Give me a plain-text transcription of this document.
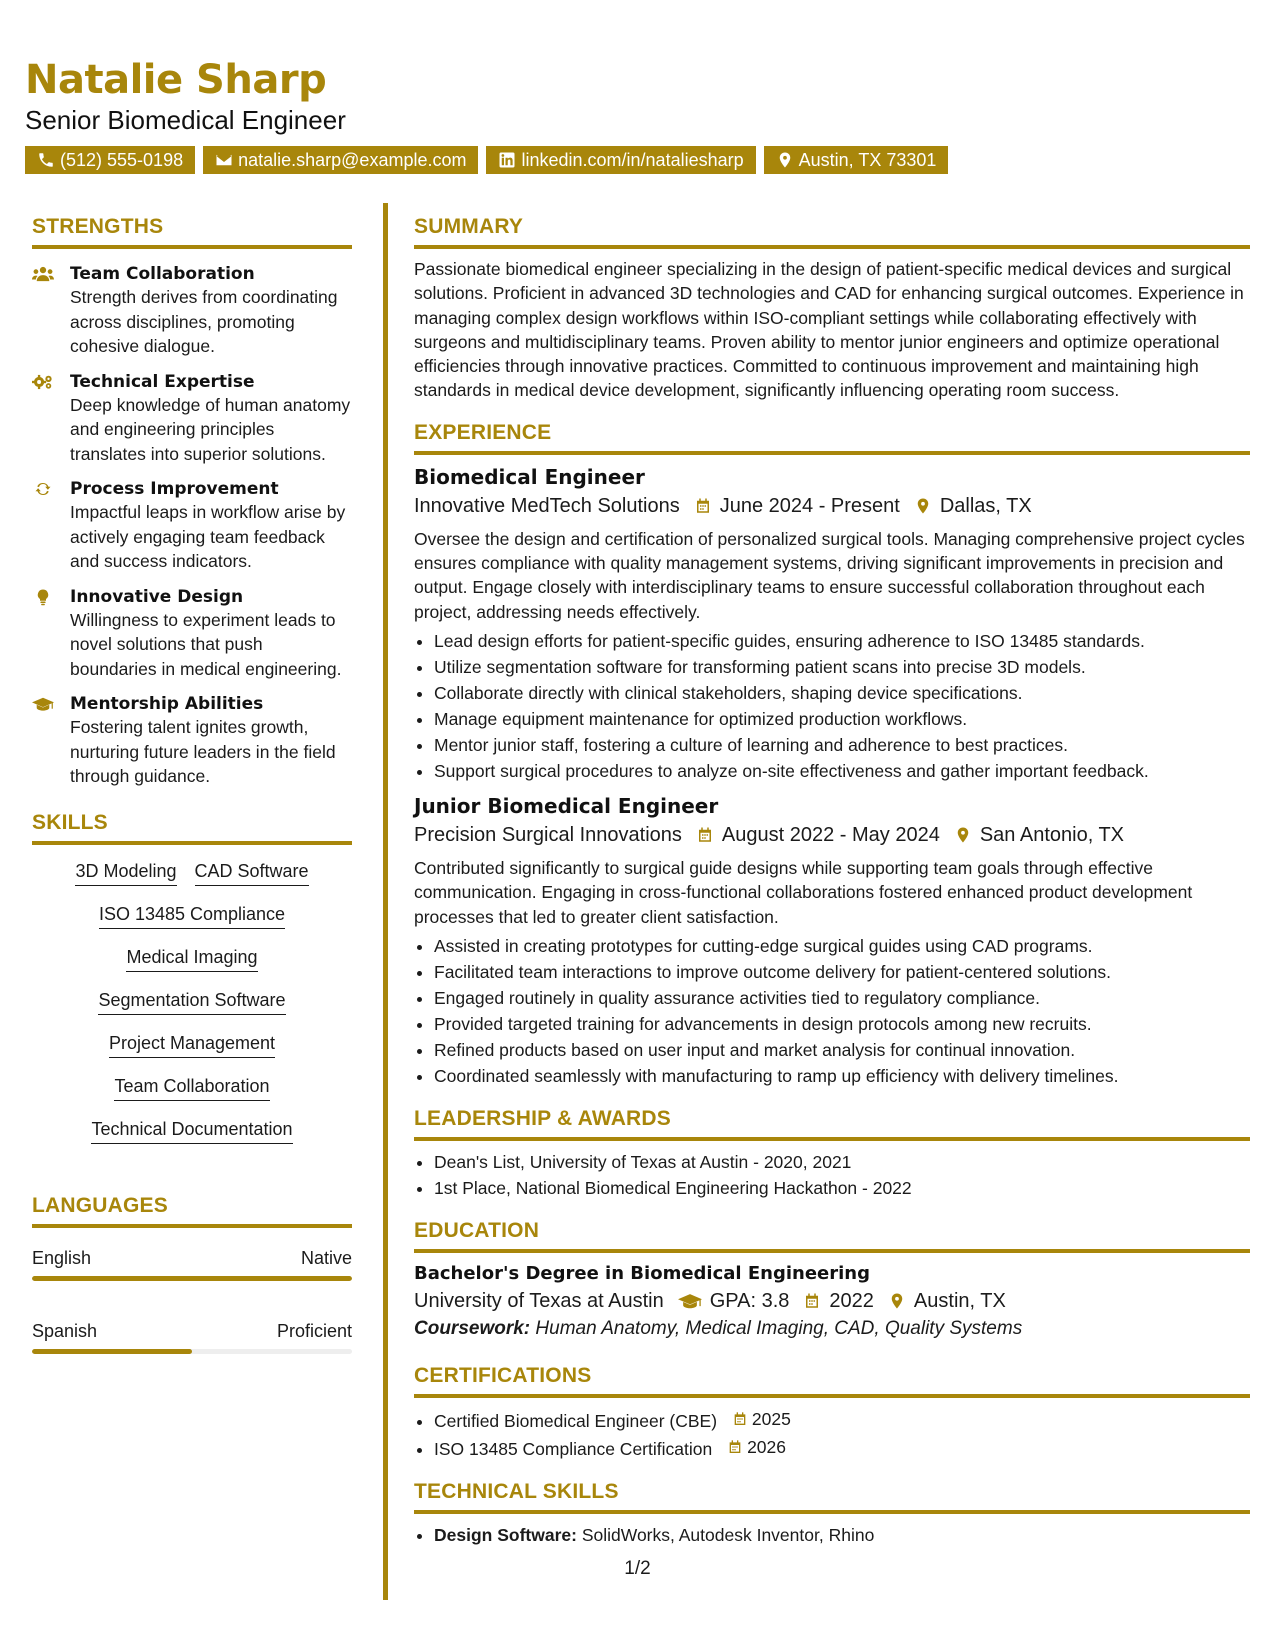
Natalie Sharp
Senior Biomedical Engineer
(512) 555-0198	natalie.sharp@example.com	linkedin.com/in/nataliesharp	Austin, TX 73301
STRENGTHS
Team Collaboration
Strength derives from coordinating across disciplines, promoting cohesive dialogue.
Technical Expertise
Deep knowledge of human anatomy and engineering principles translates into superior solutions.
Process Improvement
Impactful leaps in workflow arise by actively engaging team feedback and success indicators.
Innovative Design
Willingness to experiment leads to novel solutions that push boundaries in medical engineering.
Mentorship Abilities
Fostering talent ignites growth, nurturing future leaders in the field through guidance.
SKILLS
3D Modeling CAD Software
ISO 13485 Compliance
Medical Imaging
Segmentation Software
Project Management
Team Collaboration
Technical Documentation
LANGUAGES
English	Native
Spanish	Proficient
SUMMARY

Passionate biomedical engineer specializing in the design of patient-specific medical devices and surgical solutions. Proficient in advanced 3D technologies and CAD for enhancing surgical outcomes. Experience in managing complex design workflows within ISO-compliant settings while collaborating effectively with surgeons and multidisciplinary teams. Proven ability to mentor junior engineers and optimize operational efficiencies through innovative practices. Committed to continuous improvement and maintaining high standards in medical device development, significantly influencing operating room success.

EXPERIENCE
Biomedical Engineer
Innovative MedTech Solutions June 2024 - Present Dallas, TX

Oversee the design and certification of personalized surgical tools. Managing comprehensive project cycles ensures compliance with quality management systems, driving significant improvements in precision and output. Engage closely with interdisciplinary teams to ensure successful collaboration throughout each project, addressing needs effectively.

• Lead design efforts for patient-specific guides, ensuring adherence to ISO 13485 standards.
• Utilize segmentation software for transforming patient scans into precise 3D models.
• Collaborate directly with clinical stakeholders, shaping device specifications.
• Manage equipment maintenance for optimized production workflows.
• Mentor junior staff, fostering a culture of learning and adherence to best practices.
• Support surgical procedures to analyze on-site effectiveness and gather important feedback.
Junior Biomedical Engineer
Precision Surgical Innovations August 2022 - May 2024 San Antonio, TX

Contributed significantly to surgical guide designs while supporting team goals through effective communication. Engaging in cross-functional collaborations fostered enhanced product development processes that led to greater client satisfaction.

• Assisted in creating prototypes for cutting-edge surgical guides using CAD programs.
• Facilitated team interactions to improve outcome delivery for patient-centered solutions.
• Engaged routinely in quality assurance activities tied to regulatory compliance.
• Provided targeted training for advancements in design protocols among new recruits.
• Refined products based on user input and market analysis for continual innovation.
• Coordinated seamlessly with manufacturing to ramp up efficiency with delivery timelines.
LEADERSHIP & AWARDS
• Dean's List, University of Texas at Austin - 2020, 2021
• 1st Place, National Biomedical Engineering Hackathon - 2022
EDUCATION
Bachelor's Degree in Biomedical Engineering
University of Texas at Austin GPA: 3.8 2022 Austin, TX
Coursework: Human Anatomy, Medical Imaging, CAD, Quality Systems
CERTIFICATIONS
• Certified Biomedical Engineer (CBE) 2025
• ISO 13485 Compliance Certification 2026
TECHNICAL SKILLS
• Design Software: SolidWorks, Autodesk Inventor, Rhino
1/2
